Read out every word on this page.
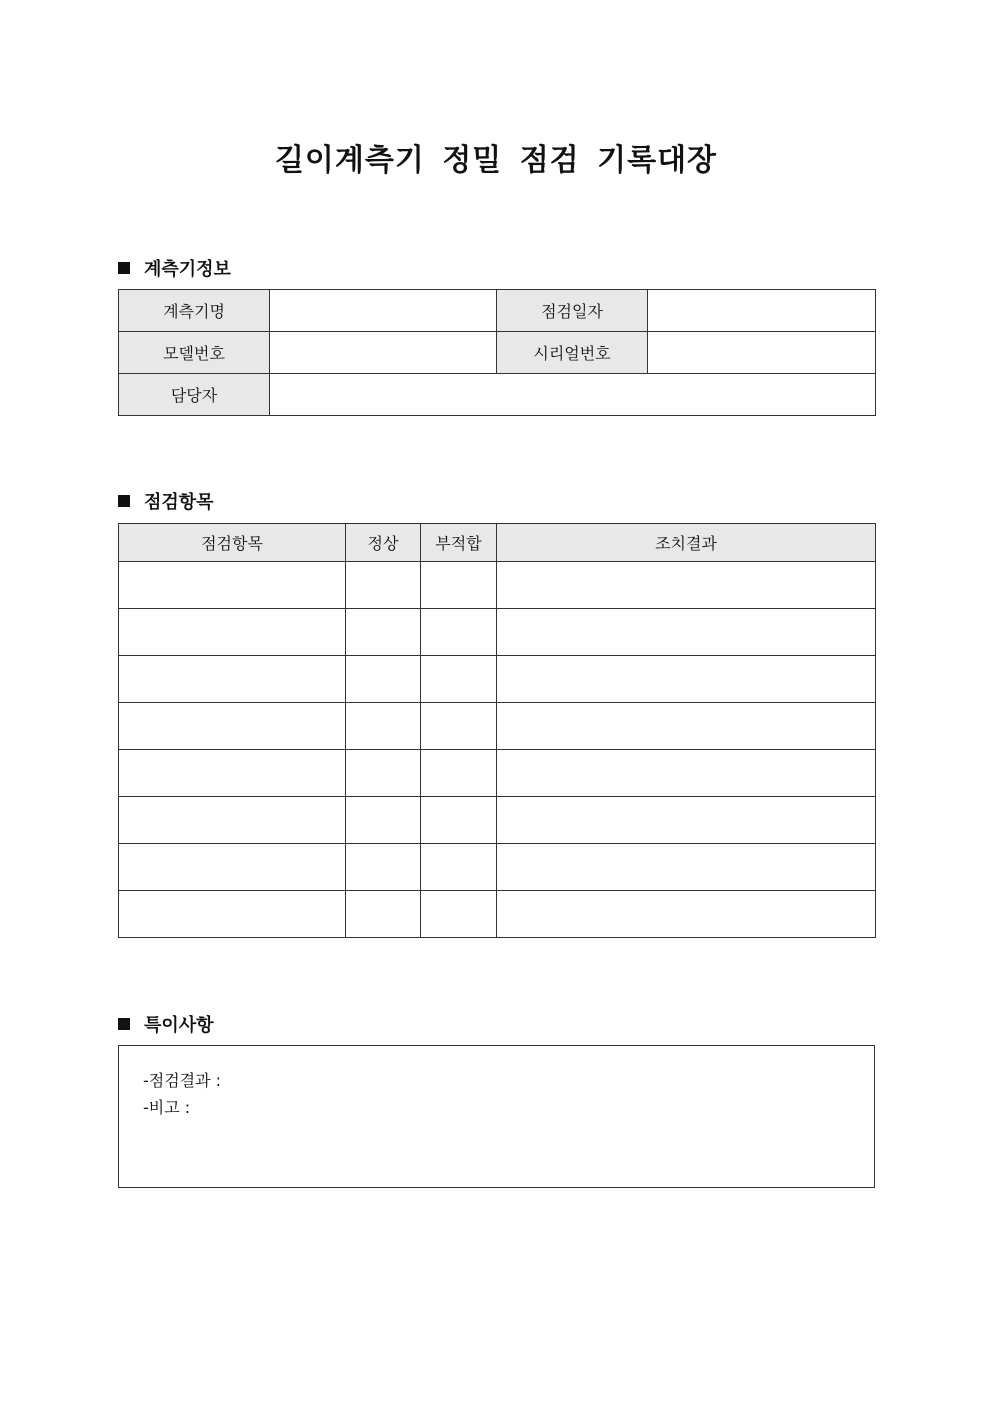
길이계측기 정밀 점검 기록대장
계측기정보
계측기명		점검일자	
모델번호		시리얼번호	
담당자			
점검항목
점검항목	정상	부적합	조치결과

특이사항
-점검결과 :
-비고 :
